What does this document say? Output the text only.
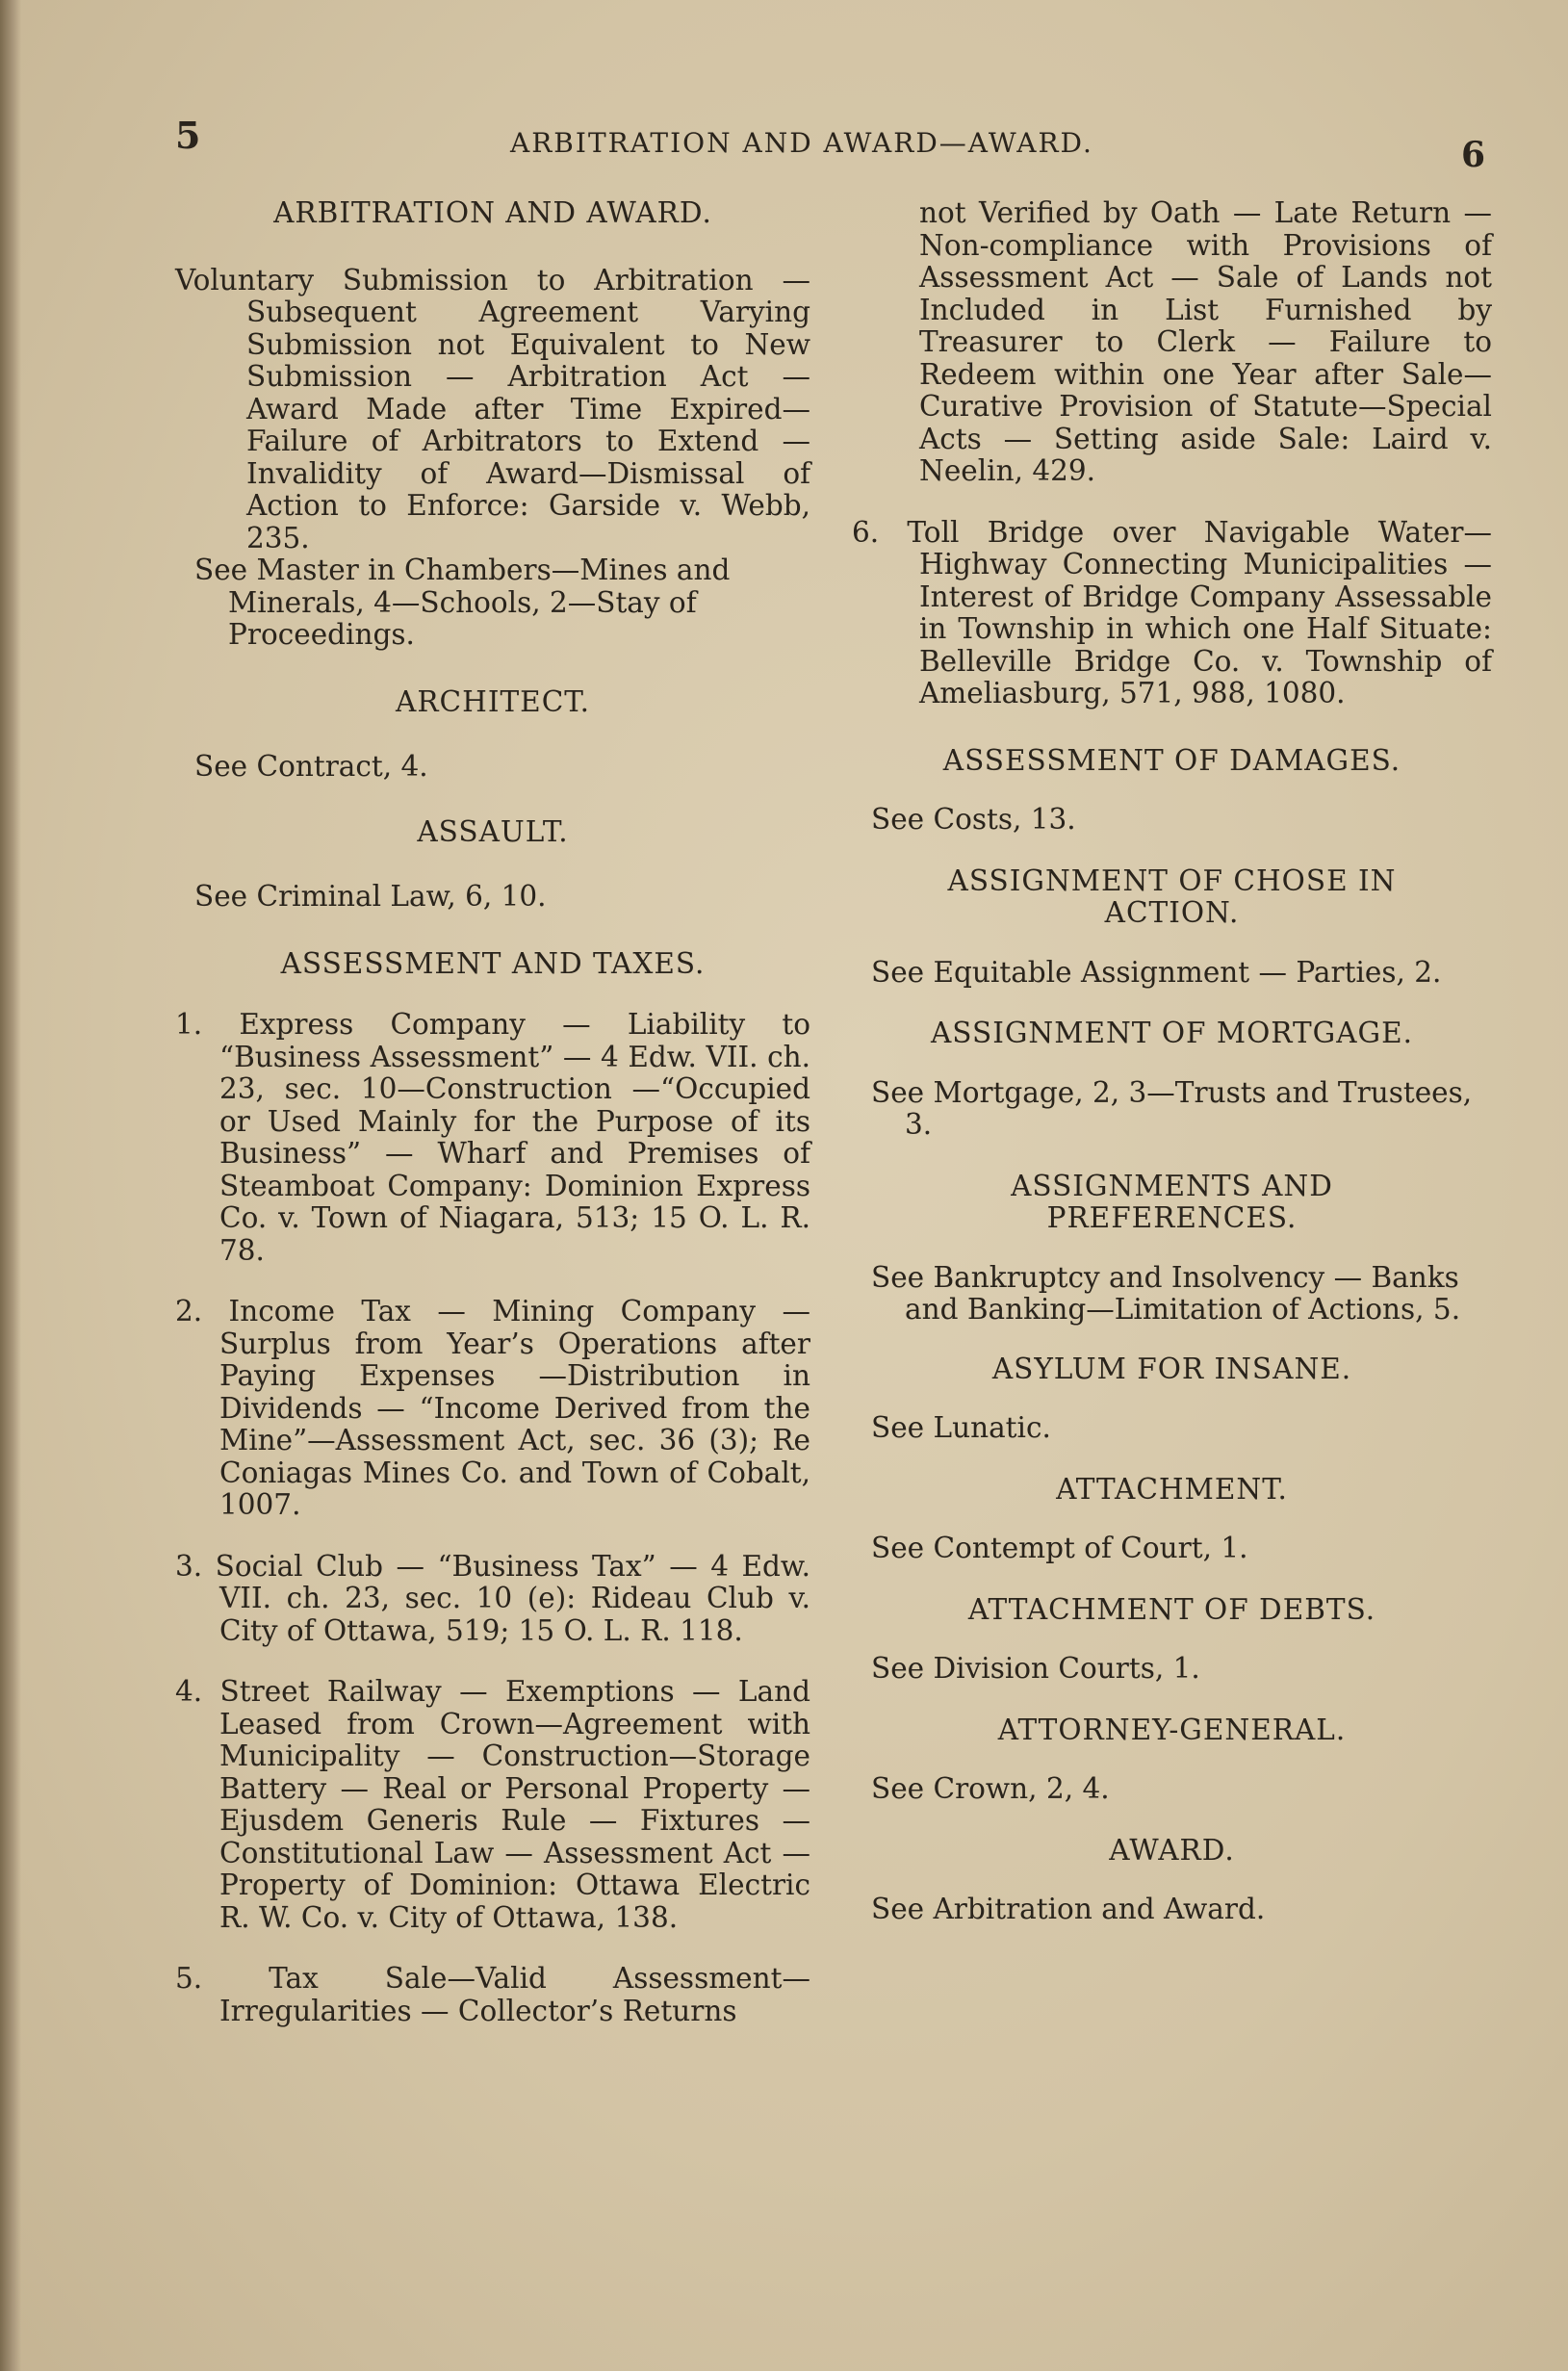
5	ARBITRATION AND AWARD—AWARD.	6

ARBITRATION AND AWARD.

Voluntary Submission to Arbitration —Subsequent Agreement Varying Submission not Equivalent to New Submission — Arbitration Act — Award Made after Time Expired— Failure of Arbitrators to Extend —Invalidity of Award—Dismissal of Action to Enforce: Garside v. Webb, 235.

See Master in Chambers—Mines and Minerals, 4—Schools, 2—Stay of Proceedings.

ARCHITECT.

See Contract, 4.

ASSAULT.

See Criminal Law, 6, 10.

ASSESSMENT AND TAXES.

1. Express Company — Liability to “Business Assessment” — 4 Edw. VII. ch. 23, sec. 10—Construction —“Occupied or Used Mainly for the Purpose of its Business” — Wharf and Premises of Steamboat Company: Dominion Express Co. v. Town of Niagara, 513; 15 O. L. R. 78.

2. Income Tax — Mining Company — Surplus from Year’s Operations after Paying Expenses —Distribution in Dividends — “Income Derived from the Mine”—Assessment Act, sec. 36 (3); Re Coniagas Mines Co. and Town of Cobalt, 1007.

3. Social Club — “Business Tax” — 4 Edw. VII. ch. 23, sec. 10 (e): Rideau Club v. City of Ottawa, 519; 15 O. L. R. 118.

4. Street Railway — Exemptions — Land Leased from Crown—Agreement with Municipality — Construction—Storage Battery — Real or Personal Property — Ejusdem Generis Rule — Fixtures — Constitutional Law — Assessment Act —Property of Dominion: Ottawa Electric R. W. Co. v. City of Ottawa, 138.

5. Tax Sale—Valid Assessment—Irregularities — Collector’s Returns

not Verified by Oath — Late Return — Non-compliance with Provisions of Assessment Act — Sale of Lands not Included in List Furnished by Treasurer to Clerk — Failure to Redeem within one Year after Sale—Curative Provision of Statute—Special Acts — Setting aside Sale: Laird v. Neelin, 429.

6. Toll Bridge over Navigable Water— Highway Connecting Municipalities — Interest of Bridge Company Assessable in Township in which one Half Situate: Belleville Bridge Co. v. Township of Ameliasburg, 571, 988, 1080.

ASSESSMENT OF DAMAGES.

See Costs, 13.

ASSIGNMENT OF CHOSE IN ACTION.

See Equitable Assignment — Parties, 2.

ASSIGNMENT OF MORTGAGE.

See Mortgage, 2, 3—Trusts and Trustees, 3.

ASSIGNMENTS AND PREFERENCES.

See Bankruptcy and Insolvency — Banks and Banking—Limitation of Actions, 5.

ASYLUM FOR INSANE.

See Lunatic.

ATTACHMENT.

See Contempt of Court, 1.

ATTACHMENT OF DEBTS.

See Division Courts, 1.

ATTORNEY-GENERAL.

See Crown, 2, 4.

AWARD.

See Arbitration and Award.
